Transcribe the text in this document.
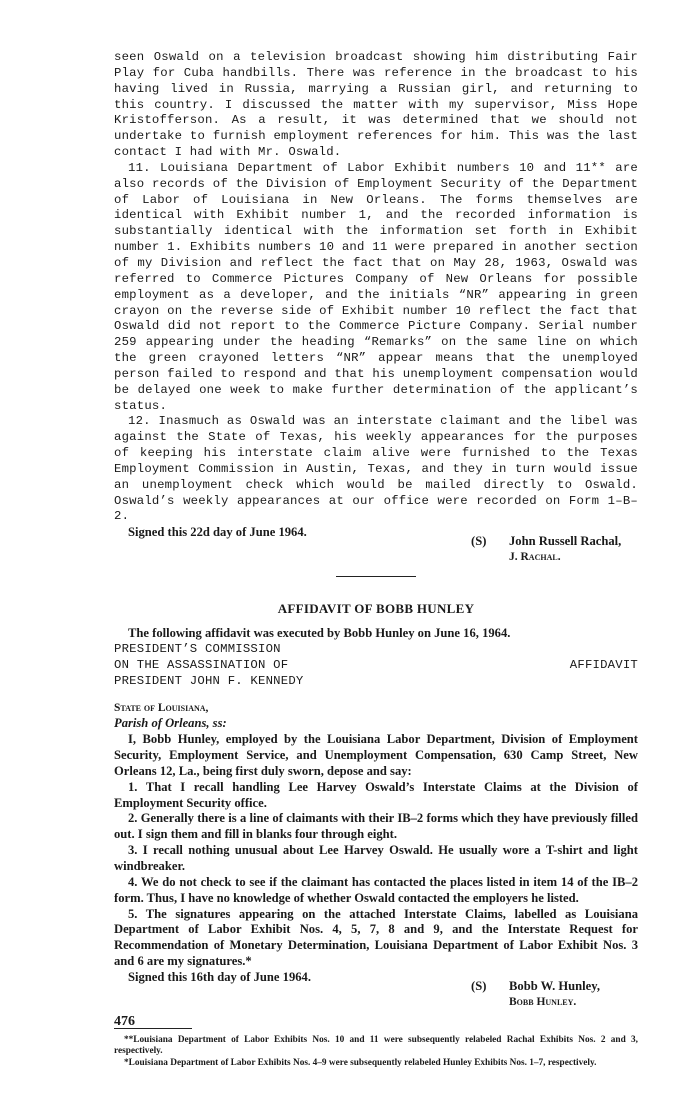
seen Oswald on a television broadcast showing him distributing Fair Play for Cuba handbills. There was reference in the broadcast to his having lived in Russia, marrying a Russian girl, and returning to this country. I discussed the matter with my supervisor, Miss Hope Kristofferson. As a result, it was determined that we should not undertake to furnish employment references for him. This was the last contact I had with Mr. Oswald.

11. Louisiana Department of Labor Exhibit numbers 10 and 11** are also records of the Division of Employment Security of the Department of Labor of Louisiana in New Orleans. The forms themselves are identical with Exhibit number 1, and the recorded information is substantially identical with the information set forth in Exhibit number 1. Exhibits numbers 10 and 11 were prepared in another section of my Division and reflect the fact that on May 28, 1963, Oswald was referred to Commerce Pictures Company of New Orleans for possible employment as a developer, and the initials “NR” appearing in green crayon on the reverse side of Exhibit number 10 reflect the fact that Oswald did not report to the Commerce Picture Company. Serial number 259 appearing under the heading “Remarks” on the same line on which the green crayoned letters “NR” appear means that the unemployed person failed to respond and that his unemployment compensation would be delayed one week to make further determination of the applicant’s status.

12. Inasmuch as Oswald was an interstate claimant and the libel was against the State of Texas, his weekly appearances for the purposes of keeping his interstate claim alive were furnished to the Texas Employment Commission in Austin, Texas, and they in turn would issue an unemployment check which would be mailed directly to Oswald. Oswald’s weekly appearances at our office were recorded on Form 1–B–2.

Signed this 22d day of June 1964.
(S)	John Russell Rachal,
J. Rachal.
AFFIDAVIT OF BOBB HUNLEY

The following affidavit was executed by Bobb Hunley on June 16, 1964.

PRESIDENT’S COMMISSION
ON THE ASSASSINATION OF	AFFIDAVIT
PRESIDENT JOHN F. KENNEDY
State of Louisiana,
Parish of Orleans, ss:

I, Bobb Hunley, employed by the Louisiana Labor Department, Division of Employment Security, Employment Service, and Unemployment Compensation, 630 Camp Street, New Orleans 12, La., being first duly sworn, depose and say:

1. That I recall handling Lee Harvey Oswald’s Interstate Claims at the Division of Employment Security office.

2. Generally there is a line of claimants with their IB–2 forms which they have previously filled out. I sign them and fill in blanks four through eight.

3. I recall nothing unusual about Lee Harvey Oswald. He usually wore a T-shirt and light windbreaker.

4. We do not check to see if the claimant has contacted the places listed in item 14 of the IB–2 form. Thus, I have no knowledge of whether Oswald contacted the employers he listed.

5. The signatures appearing on the attached Interstate Claims, labelled as Louisiana Department of Labor Exhibit Nos. 4, 5, 7, 8 and 9, and the Interstate Request for Recommendation of Monetary Determination, Louisiana Department of Labor Exhibit Nos. 3 and 6 are my signatures.*

Signed this 16th day of June 1964.
(S)	Bobb W. Hunley,
Bobb Hunley.

**Louisiana Department of Labor Exhibits Nos. 10 and 11 were subsequently relabeled Rachal Exhibits Nos. 2 and 3, respectively.

*Louisiana Department of Labor Exhibits Nos. 4–9 were subsequently relabeled Hunley Exhibits Nos. 1–7, respectively.

476
